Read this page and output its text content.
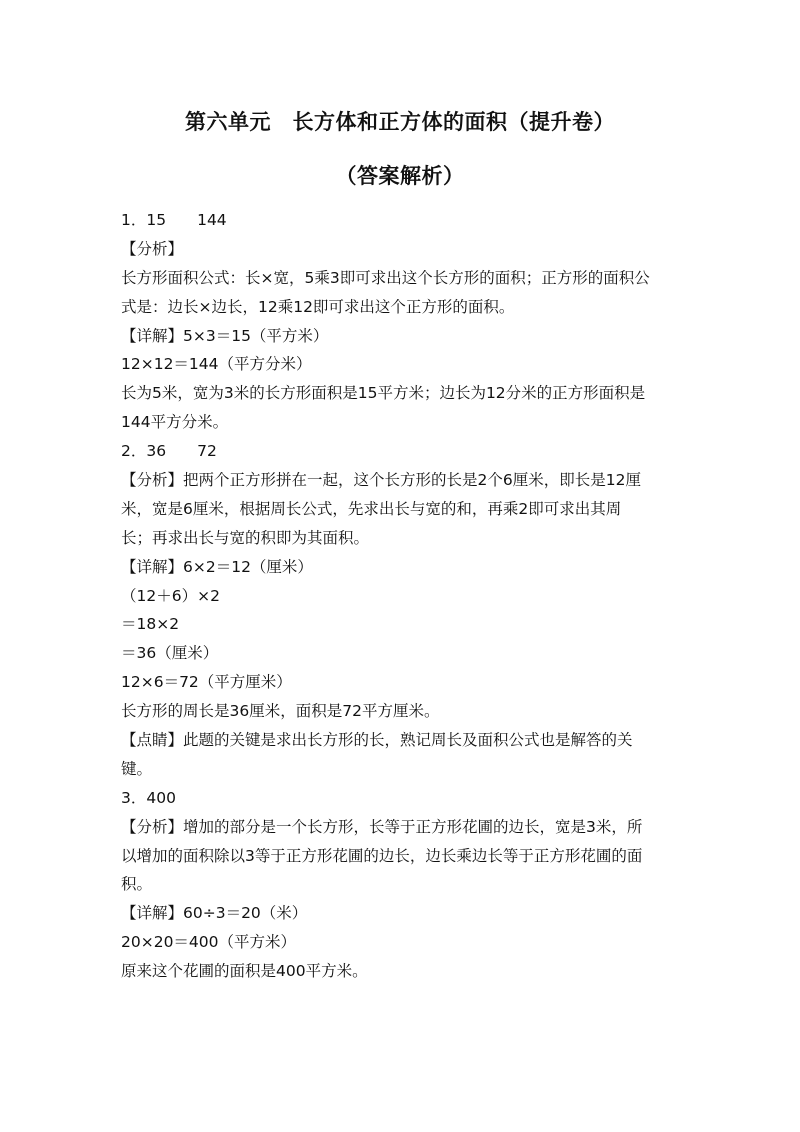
第六单元　长方体和正方体的面积（提升卷）
（答案解析）
1．15　　144
【分析】
长方形面积公式：长×宽，5乘3即可求出这个长方形的面积；正方形的面积公
式是：边长×边长，12乘12即可求出这个正方形的面积。
【详解】5×3＝15（平方米）
12×12＝144（平方分米）
长为5米，宽为3米的长方形面积是15平方米；边长为12分米的正方形面积是
144平方分米。
2．36　　72
【分析】把两个正方形拼在一起，这个长方形的长是2个6厘米，即长是12厘
米，宽是6厘米，根据周长公式，先求出长与宽的和，再乘2即可求出其周
长；再求出长与宽的积即为其面积。
【详解】6×2＝12（厘米）
（12＋6）×2
＝18×2
＝36（厘米）
12×6＝72（平方厘米）
长方形的周长是36厘米，面积是72平方厘米。
【点睛】此题的关键是求出长方形的长，熟记周长及面积公式也是解答的关
键。
3．400
【分析】增加的部分是一个长方形，长等于正方形花圃的边长，宽是3米，所
以增加的面积除以3等于正方形花圃的边长，边长乘边长等于正方形花圃的面
积。
【详解】60÷3＝20（米）
20×20＝400（平方米）
原来这个花圃的面积是400平方米。
